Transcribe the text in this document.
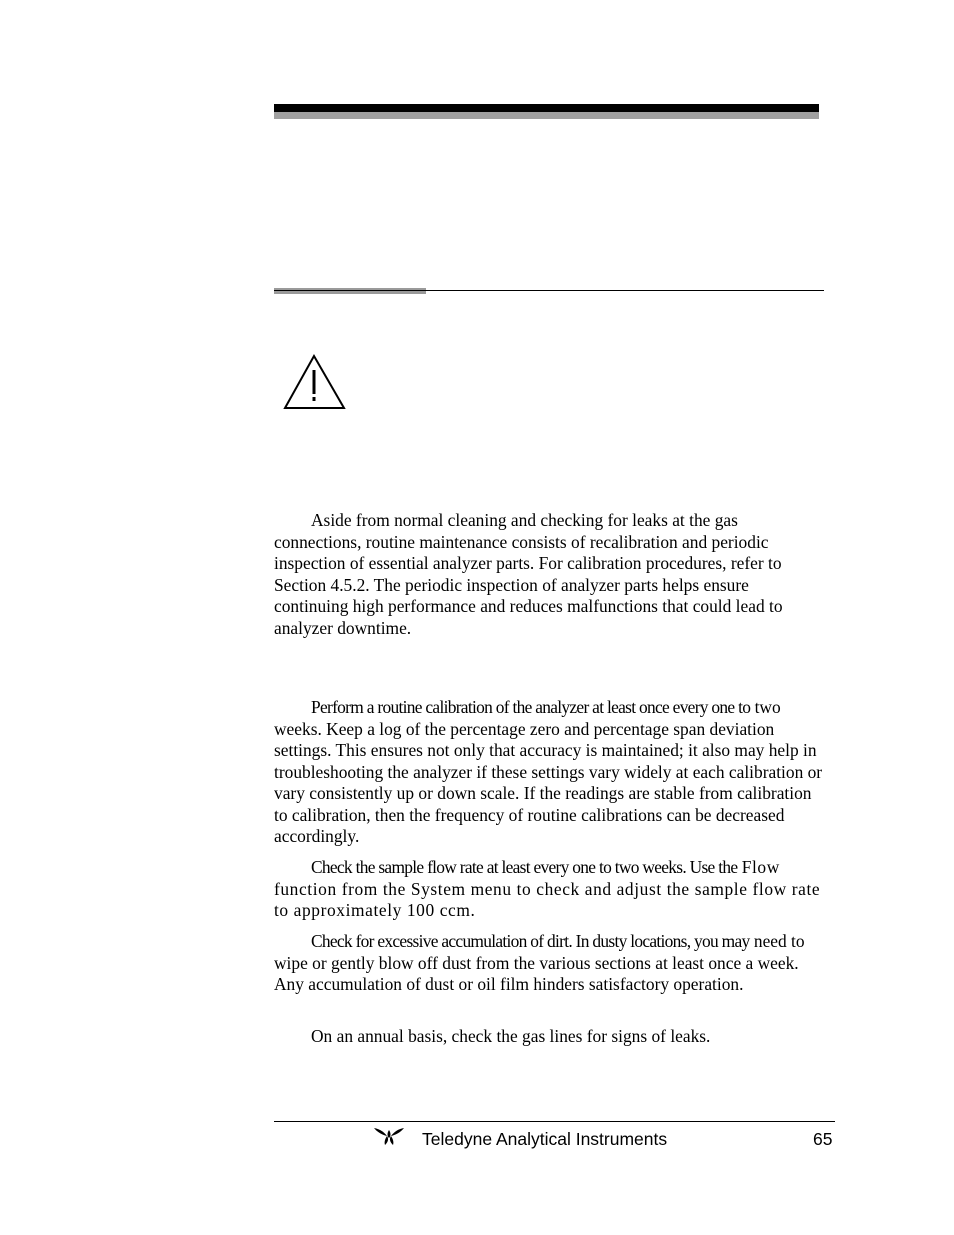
Aside from normal cleaning and checking for leaks at the gas connections, routine maintenance consists of recalibration and periodic inspection of essential analyzer parts. For calibration procedures, refer to Section 4.5.2. The periodic inspection of analyzer parts helps ensure continuing high performance and reduces malfunctions that could lead to analyzer downtime.

Perform a routine calibration of the analyzer at least once every one to two weeks. Keep a log of the percentage zero and percentage span deviation settings. This ensures not only that accuracy is maintained; it also may help in troubleshooting the analyzer if these settings vary widely at each calibration or vary consistently up or down scale. If the readings are stable from calibration to calibration, then the frequency of routine calibrations can be decreased accordingly.

Check the sample flow rate at least every one to two weeks. Use the Flow function from the System menu to check and adjust the sample flow rate to approximately 100 ccm.

Check for excessive accumulation of dirt. In dusty locations, you may need to wipe or gently blow off dust from the various sections at least once a week. Any accumulation of dust or oil film hinders satisfactory operation.

On an annual basis, check the gas lines for signs of leaks.

Teledyne Analytical Instruments	65
